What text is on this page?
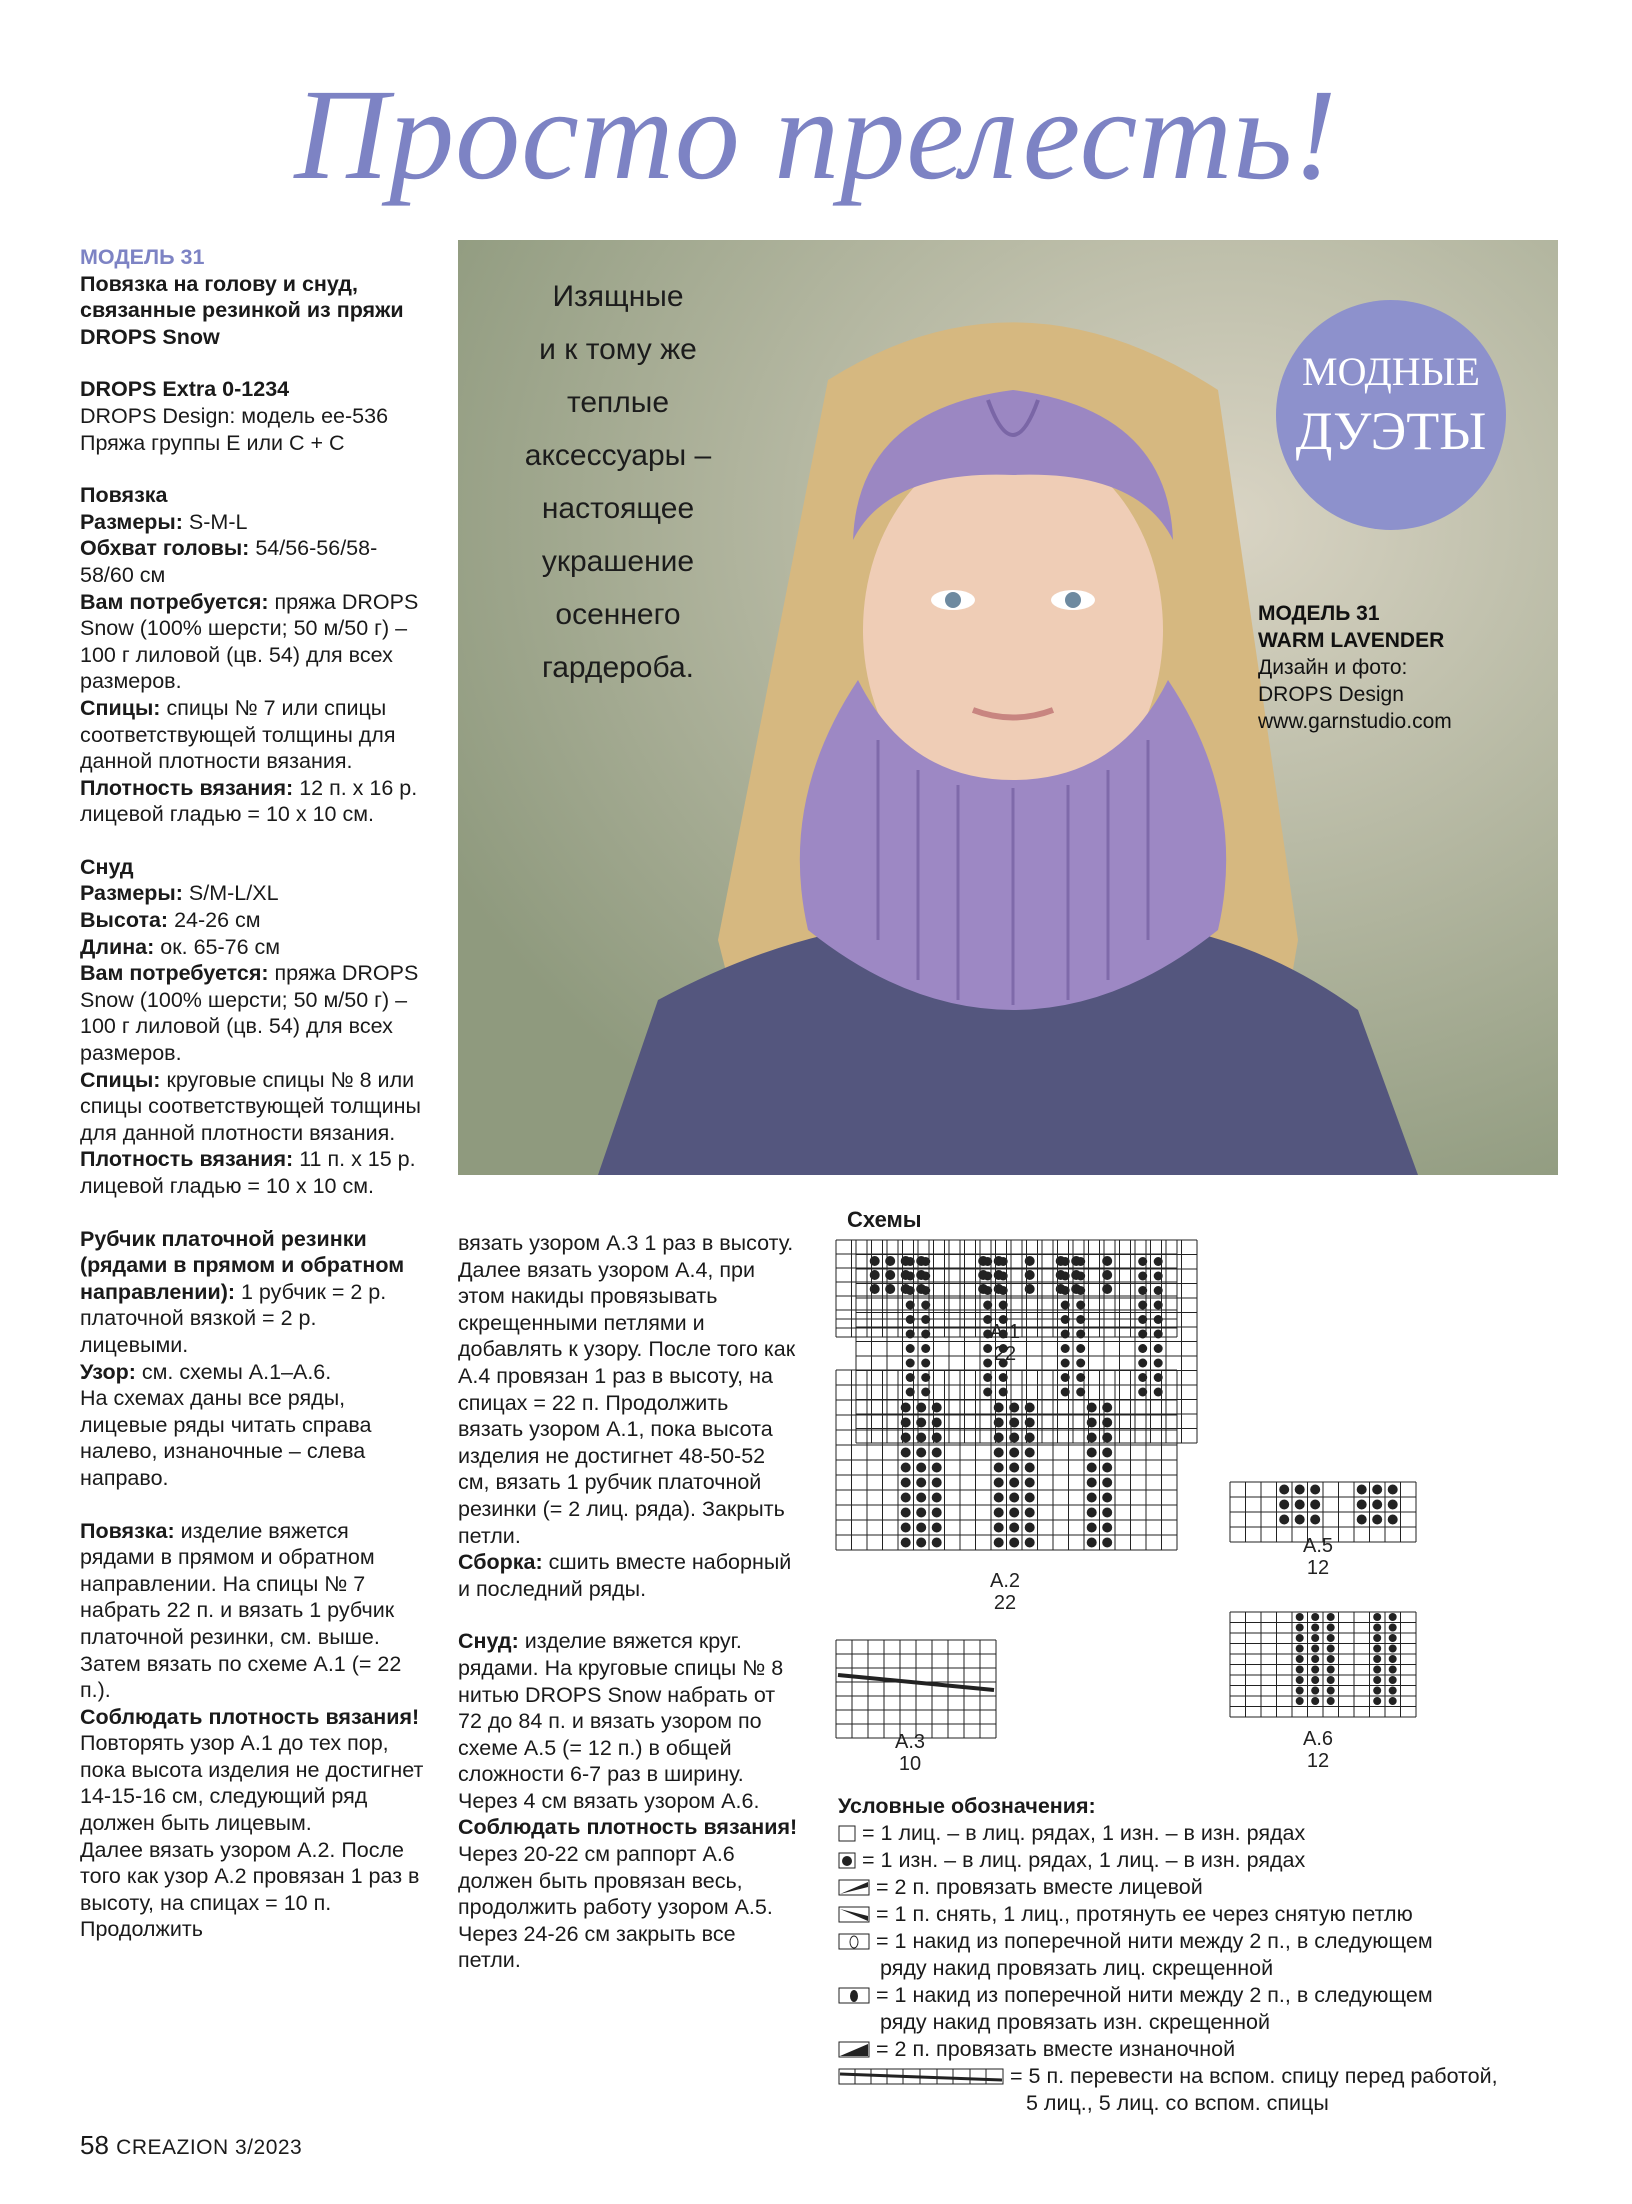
Просто прелесть!

МОДЕЛЬ 31

Повязка на голову и снуд, связанные резинкой из пряжи DROPS Snow

DROPS Extra 0-1234

DROPS Design: модель ee-536

Пряжа группы E или C + C

Повязка

Размеры: S-M-L

Обхват головы: 54/56-56/58-58/60 см

Вам потребуется: пряжа DROPS Snow (100% шерсти; 50 м/50 г) – 100 г лиловой (цв. 54) для всех размеров.

Спицы: спицы № 7 или спицы соответствующей толщины для данной плотности вязания.

Плотность вязания: 12 п. х 16 р. лицевой гладью = 10 х 10 см.

Снуд

Размеры: S/M-L/XL

Высота: 24-26 см

Длина: ок. 65-76 см

Вам потребуется: пряжа DROPS Snow (100% шерсти; 50 м/50 г) – 100 г лиловой (цв. 54) для всех размеров.

Спицы: круговые спицы № 8 или спицы соответствующей толщины для данной плотности вязания.

Плотность вязания: 11 п. х 15 р. лицевой гладью = 10 х 10 см.

Рубчик платочной резинки (рядами в прямом и обратном направлении): 1 рубчик = 2 р. платочной вязкой = 2 р. лицевыми.

Узор: см. схемы А.1–А.6.

На схемах даны все ряды, лицевые ряды читать справа налево, изнаночные – слева направо.

Повязка: изделие вяжется рядами в прямом и обратном направлении. На спицы № 7 набрать 22 п. и вязать 1 рубчик платочной резинки, см. выше. Затем вязать по схеме А.1 (= 22 п.).

Соблюдать плотность вязания!

Повторять узор А.1 до тех пор, пока высота изделия не достигнет 14-15-16 см, следующий ряд должен быть лицевым.

Далее вязать узором А.2. После того как узор А.2 провязан 1 раз в высоту, на спицах = 10 п. Продолжить

вязать узором А.3 1 раз в высоту.

Далее вязать узором А.4, при этом накиды провязывать скрещенными петлями и добавлять к узору. После того как А.4 провязан 1 раз в высоту, на спицах = 22 п. Продолжить вязать узором А.1, пока высота изделия не достигнет 48-50-52 см, вязать 1 рубчик платочной резинки (= 2 лиц. ряда). Закрыть петли.

Сборка: сшить вместе наборный и последний ряды.

Снуд: изделие вяжется круг. рядами. На круговые спицы № 8 нитью DROPS Snow набрать от 72 до 84 п. и вязать узором по схеме А.5 (= 12 п.) в общей сложности 6-7 раз в ширину.

Через 4 см вязать узором А.6. Соблюдать плотность вязания!

Через 20-22 см раппорт А.6 должен быть провязан весь, продолжить работу узором А.5.

Через 24-26 см закрыть все петли.

Изящные
и к тому же
теплые
аксессуары –
настоящее
украшение
осеннего
гардероба.
МОДНЫЕ
ДУЭТЫ
МОДЕЛЬ 31
WARM LAVENDER
Дизайн и фото:
DROPS Design
www.garnstudio.com
Схемы
А.1
22
А.2
22
А.3
10
А.5
12
А.6
12
Условные обозначения:
= 1 лиц. – в лиц. рядах, 1 изн. – в изн. рядах
= 1 изн. – в лиц. рядах, 1 лиц. – в изн. рядах
= 2 п. провязать вместе лицевой
= 1 п. снять, 1 лиц., протянуть ее через снятую петлю
= 1 накид из поперечной нити между 2 п., в следующем
ряду накид провязать лиц. скрещенной
= 1 накид из поперечной нити между 2 п., в следующем
ряду накид провязать изн. скрещенной
= 2 п. провязать вместе изнаночной
= 5 п. перевести на вспом. спицу перед работой,
5 лиц., 5 лиц. со вспом. спицы
58 CREAZION 3/2023
